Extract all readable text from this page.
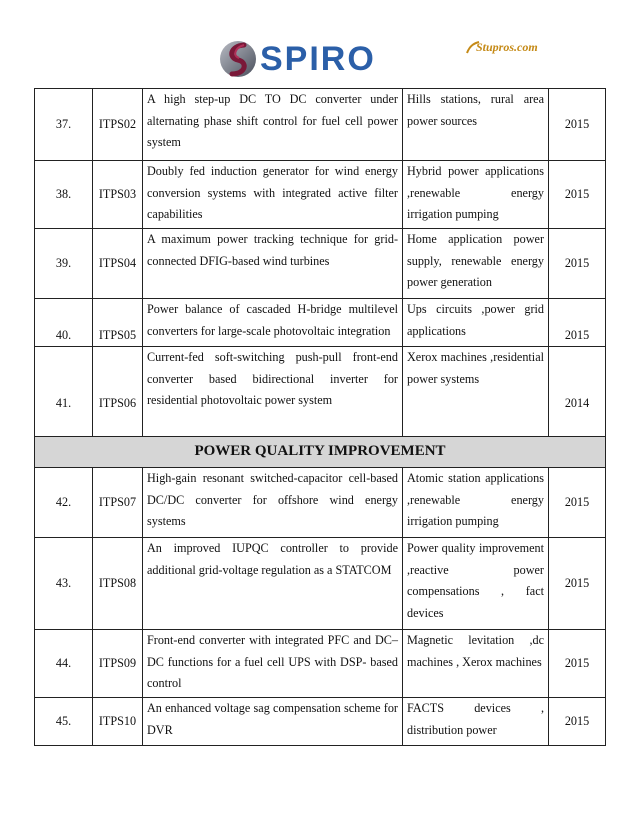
SPIRO	Stupros.com
37.	ITPS02	A high step-up DC TO DC converter under alternating phase shift control for fuel cell power system	Hills stations, rural area power sources	2015
38.	ITPS03	Doubly fed induction generator for wind energy conversion systems with integrated active filter capabilities	Hybrid power applications ,renewable energy irrigation pumping	2015
39.	ITPS04	A maximum power tracking technique for grid-connected DFIG-based wind turbines	Home application power supply, renewable energy power generation	2015
40.	ITPS05	Power balance of cascaded H-bridge multilevel converters for large-scale photovoltaic integration	Ups circuits ,power grid applications	2015
41.	ITPS06	Current-fed soft-switching push-pull front-end converter based bidirectional inverter for residential photovoltaic power system	Xerox machines ,residential power systems	2014
POWER QUALITY IMPROVEMENT				
42.	ITPS07	High-gain resonant switched-capacitor cell-based DC/DC converter for offshore wind energy systems	Atomic station applications ,renewable energy irrigation pumping	2015
43.	ITPS08	An improved IUPQC controller to provide additional grid-voltage regulation as a STATCOM	Power quality improvement ,reactive power compensations , fact devices	2015
44.	ITPS09	Front-end converter with integrated PFC and DC–DC functions for a fuel cell UPS with DSP- based control	Magnetic levitation ,dc machines , Xerox machines	2015
45.	ITPS10	An enhanced voltage sag compensation scheme for DVR	FACTS devices , distribution power	2015
